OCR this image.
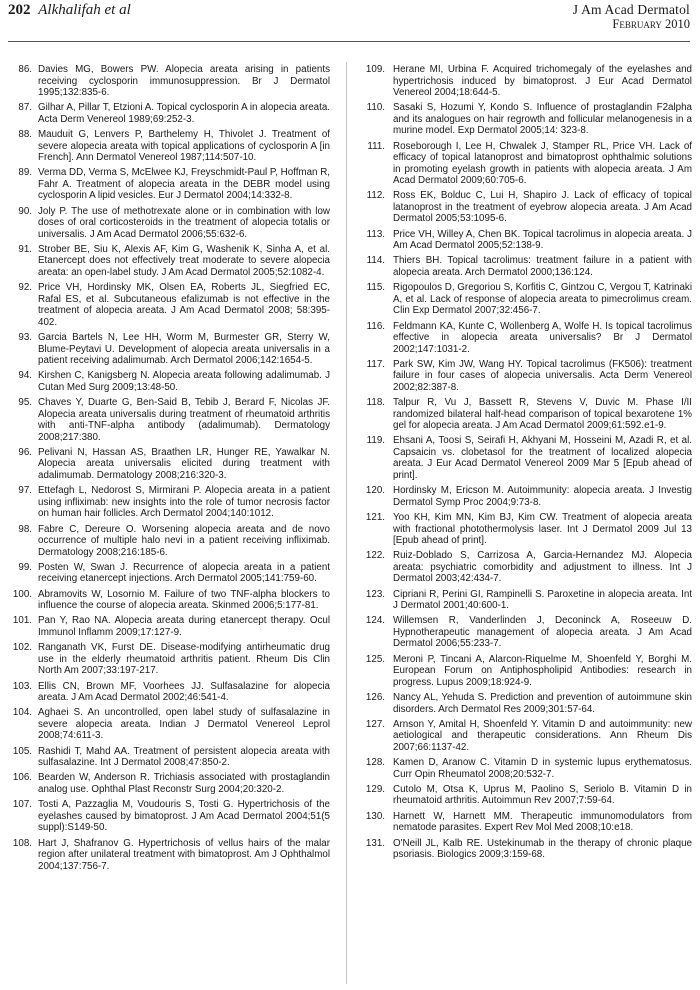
202 Alkhalifah et al	J Am Acad Dermatol
February 2010
86. Davies MG, Bowers PW. Alopecia areata arising in patients receiving cyclosporin immunosuppression. Br J Dermatol 1995;132:835-6.
87. Gilhar A, Pillar T, Etzioni A. Topical cyclosporin A in alopecia areata. Acta Derm Venereol 1989;69:252-3.
88. Mauduit G, Lenvers P, Barthelemy H, Thivolet J. Treatment of severe alopecia areata with topical applications of cyclosporin A [in French]. Ann Dermatol Venereol 1987;114:507-10.
89. Verma DD, Verma S, McElwee KJ, Freyschmidt-Paul P, Hoffman R, Fahr A. Treatment of alopecia areata in the DEBR model using cyclosporin A lipid vesicles. Eur J Dermatol 2004;14:332-8.
90. Joly P. The use of methotrexate alone or in combination with low doses of oral corticosteroids in the treatment of alopecia totalis or universalis. J Am Acad Dermatol 2006;55:632-6.
91. Strober BE, Siu K, Alexis AF, Kim G, Washenik K, Sinha A, et al. Etanercept does not effectively treat moderate to severe alopecia areata: an open-label study. J Am Acad Dermatol 2005;52:1082-4.
92. Price VH, Hordinsky MK, Olsen EA, Roberts JL, Siegfried EC, Rafal ES, et al. Subcutaneous efalizumab is not effective in the treatment of alopecia areata. J Am Acad Dermatol 2008; 58:395-402.
93. Garcia Bartels N, Lee HH, Worm M, Burmester GR, Sterry W, Blume-Peytavi U. Development of alopecia areata universalis in a patient receiving adalimumab. Arch Dermatol 2006;142:1654-5.
94. Kirshen C, Kanigsberg N. Alopecia areata following adalimumab. J Cutan Med Surg 2009;13:48-50.
95. Chaves Y, Duarte G, Ben-Said B, Tebib J, Berard F, Nicolas JF. Alopecia areata universalis during treatment of rheumatoid arthritis with anti-TNF-alpha antibody (adalimumab). Dermatology 2008;217:380.
96. Pelivani N, Hassan AS, Braathen LR, Hunger RE, Yawalkar N. Alopecia areata universalis elicited during treatment with adalimumab. Dermatology 2008;216:320-3.
97. Ettefagh L, Nedorost S, Mirmirani P. Alopecia areata in a patient using infliximab: new insights into the role of tumor necrosis factor on human hair follicles. Arch Dermatol 2004;140:1012.
98. Fabre C, Dereure O. Worsening alopecia areata and de novo occurrence of multiple halo nevi in a patient receiving infliximab. Dermatology 2008;216:185-6.
99. Posten W, Swan J. Recurrence of alopecia areata in a patient receiving etanercept injections. Arch Dermatol 2005;141:759-60.
100. Abramovits W, Losornio M. Failure of two TNF-alpha blockers to influence the course of alopecia areata. Skinmed 2006;5:177-81.
101. Pan Y, Rao NA. Alopecia areata during etanercept therapy. Ocul Immunol Inflamm 2009;17:127-9.
102. Ranganath VK, Furst DE. Disease-modifying antirheumatic drug use in the elderly rheumatoid arthritis patient. Rheum Dis Clin North Am 2007;33:197-217.
103. Ellis CN, Brown MF, Voorhees JJ. Sulfasalazine for alopecia areata. J Am Acad Dermatol 2002;46:541-4.
104. Aghaei S. An uncontrolled, open label study of sulfasalazine in severe alopecia areata. Indian J Dermatol Venereol Leprol 2008;74:611-3.
105. Rashidi T, Mahd AA. Treatment of persistent alopecia areata with sulfasalazine. Int J Dermatol 2008;47:850-2.
106. Bearden W, Anderson R. Trichiasis associated with prostaglandin analog use. Ophthal Plast Reconstr Surg 2004;20:320-2.
107. Tosti A, Pazzaglia M, Voudouris S, Tosti G. Hypertrichosis of the eyelashes caused by bimatoprost. J Am Acad Dermatol 2004;51(5 suppl):S149-50.
108. Hart J, Shafranov G. Hypertrichosis of vellus hairs of the malar region after unilateral treatment with bimatoprost. Am J Ophthalmol 2004;137:756-7.
109. Herane MI, Urbina F. Acquired trichomegaly of the eyelashes and hypertrichosis induced by bimatoprost. J Eur Acad Dermatol Venereol 2004;18:644-5.
110. Sasaki S, Hozumi Y, Kondo S. Influence of prostaglandin F2alpha and its analogues on hair regrowth and follicular melanogenesis in a murine model. Exp Dermatol 2005;14: 323-8.
111. Roseborough I, Lee H, Chwalek J, Stamper RL, Price VH. Lack of efficacy of topical latanoprost and bimatoprost ophthalmic solutions in promoting eyelash growth in patients with alopecia areata. J Am Acad Dermatol 2009;60:705-6.
112. Ross EK, Bolduc C, Lui H, Shapiro J. Lack of efficacy of topical latanoprost in the treatment of eyebrow alopecia areata. J Am Acad Dermatol 2005;53:1095-6.
113. Price VH, Willey A, Chen BK. Topical tacrolimus in alopecia areata. J Am Acad Dermatol 2005;52:138-9.
114. Thiers BH. Topical tacrolimus: treatment failure in a patient with alopecia areata. Arch Dermatol 2000;136:124.
115. Rigopoulos D, Gregoriou S, Korfitis C, Gintzou C, Vergou T, Katrinaki A, et al. Lack of response of alopecia areata to pimecrolimus cream. Clin Exp Dermatol 2007;32:456-7.
116. Feldmann KA, Kunte C, Wollenberg A, Wolfe H. Is topical tacrolimus effective in alopecia areata universalis? Br J Dermatol 2002;147:1031-2.
117. Park SW, Kim JW, Wang HY. Topical tacrolimus (FK506): treatment failure in four cases of alopecia universalis. Acta Derm Venereol 2002;82:387-8.
118. Talpur R, Vu J, Bassett R, Stevens V, Duvic M. Phase I/II randomized bilateral half-head comparison of topical bexarotene 1% gel for alopecia areata. J Am Acad Dermatol 2009;61:592.e1-9.
119. Ehsani A, Toosi S, Seirafi H, Akhyani M, Hosseini M, Azadi R, et al. Capsaicin vs. clobetasol for the treatment of localized alopecia areata. J Eur Acad Dermatol Venereol 2009 Mar 5 [Epub ahead of print].
120. Hordinsky M, Ericson M. Autoimmunity: alopecia areata. J Investig Dermatol Symp Proc 2004;9:73-8.
121. Yoo KH, Kim MN, Kim BJ, Kim CW. Treatment of alopecia areata with fractional photothermolysis laser. Int J Dermatol 2009 Jul 13 [Epub ahead of print].
122. Ruiz-Doblado S, Carrizosa A, Garcia-Hernandez MJ. Alopecia areata: psychiatric comorbidity and adjustment to illness. Int J Dermatol 2003;42:434-7.
123. Cipriani R, Perini GI, Rampinelli S. Paroxetine in alopecia areata. Int J Dermatol 2001;40:600-1.
124. Willemsen R, Vanderlinden J, Deconinck A, Roseeuw D. Hypnotherapeutic management of alopecia areata. J Am Acad Dermatol 2006;55:233-7.
125. Meroni P, Tincani A, Alarcon-Riquelme M, Shoenfeld Y, Borghi M. European Forum on Antiphospholipid Antibodies: research in progress. Lupus 2009;18:924-9.
126. Nancy AL, Yehuda S. Prediction and prevention of autoimmune skin disorders. Arch Dermatol Res 2009;301:57-64.
127. Arnson Y, Amital H, Shoenfeld Y. Vitamin D and autoimmunity: new aetiological and therapeutic considerations. Ann Rheum Dis 2007;66:1137-42.
128. Kamen D, Aranow C. Vitamin D in systemic lupus erythematosus. Curr Opin Rheumatol 2008;20:532-7.
129. Cutolo M, Otsa K, Uprus M, Paolino S, Seriolo B. Vitamin D in rheumatoid arthritis. Autoimmun Rev 2007;7:59-64.
130. Harnett W, Harnett MM. Therapeutic immunomodulators from nematode parasites. Expert Rev Mol Med 2008;10:e18.
131. O'Neill JL, Kalb RE. Ustekinumab in the therapy of chronic plaque psoriasis. Biologics 2009;3:159-68.
